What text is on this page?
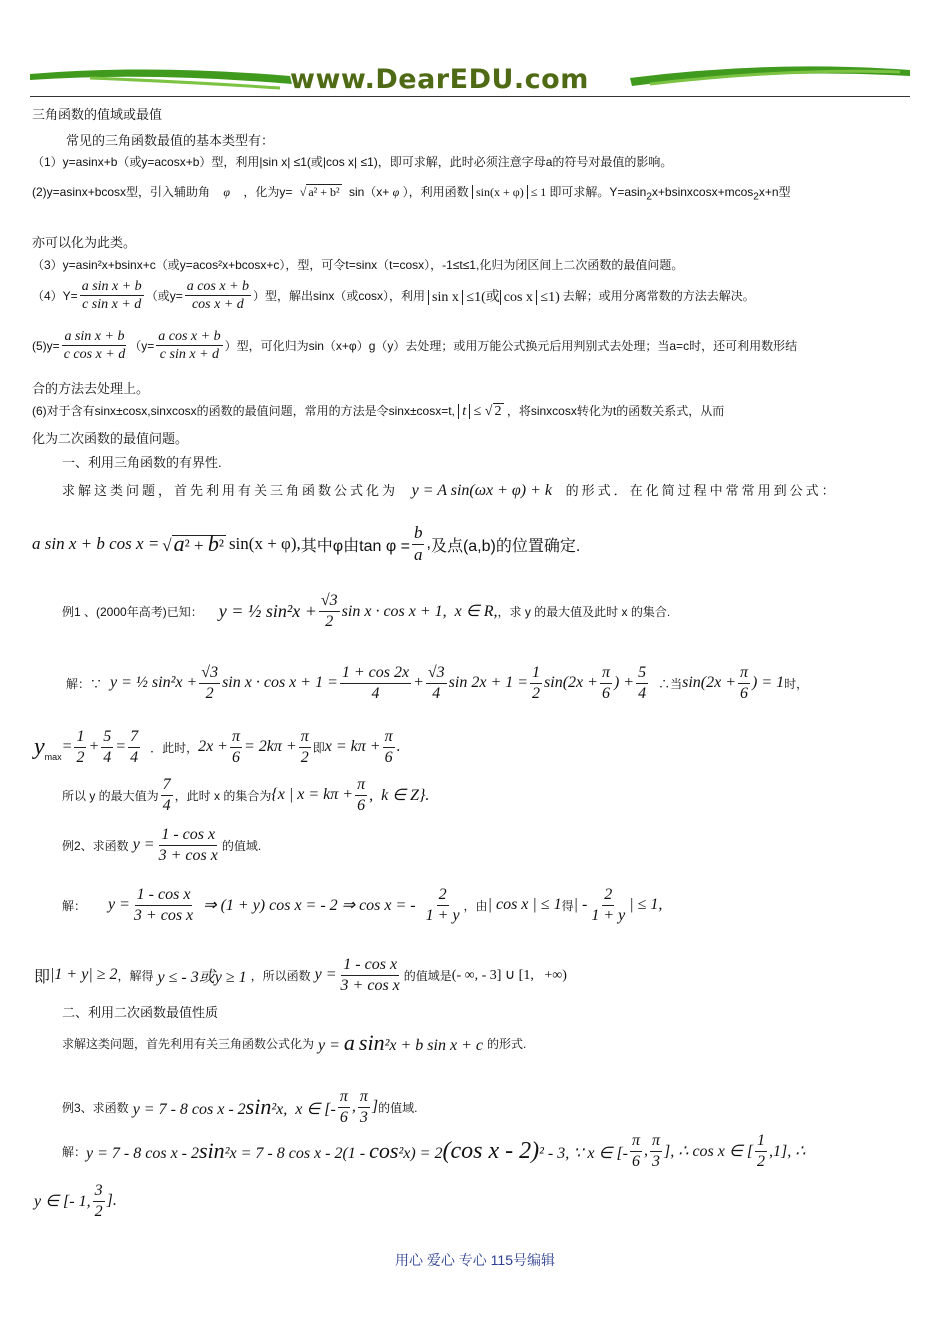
www.DearEDU.com
三角函数的值域或最值
常见的三角函数最值的基本类型有：
（1）y=asinx+b（或y=acosx+b）型，利用|sin x| ≤1(或|cos x| ≤1)，即可求解，此时必须注意字母a的符号对最值的影响。
(2)y=asinx+bcosx型，引入辅助角 φ ，化为y= √ a² + b² sin（x+ φ ），利用函数 sin(x + φ) ≤ 1 即可求解。Y=asin$_2$x+bsinxcosx+mcos$_2$x+n型
亦可以化为此类。
（3）y=asin²x+bsinx+c（或y=acos²x+bcosx+c），型，可令t=sinx（t=cosx），-1≤t≤1,化归为闭区间上二次函数的最值问题。
$(4)Y= \frac{\text{a sin x + b}}{\text{c sin x + d}}$ （或$y= \frac{\text{a cos x + b}}{\text{cos x + d}}$ ）型，解出sinx（或cosx），利用 sin x ≤1(或 cos x ≤1) 去解；或用分离常数的方法去解决。
$(5)y= \frac{\text{a sin x + b}}{\text{c cos x + d}} (y= \frac{\text{a cos x + b}}{\text{c sin x + d}}$ ）型，可化归为sin（x+φ）g（y）去处理；或用万能公式换元后用判别式去处理；当a=c时，还可利用数形结
合的方法去处理上。
(6)对于含有sinx±cosx,sinxcosx的函数的最值问题，常用的方法是令sinx±cosx=t, t ≤ √ 2 ，将sinxcosx转化为t的函数关系式，从而
化为二次函数的最值问题。
一、利用三角函数的有界性.
求解这类问题，首先利用有关三角函数公式化为 y = A sin(ωx + φ) + k 的形式．在化简过程中常常用到公式：
a sin x + b cos x = √a² + b² sin(x + φ), 其中φ由$\tan \varphi = \frac{b}{a}$ , 及点(a,b)的位置确定.
例1 、(2000年高考)已知： y = ½ $\sin^2x + \frac{√3}{2}$ sin x · cos x + 1,  x ∈ R, ，求 y 的最大值及此时 x 的集合.
解：∵ y = ½ $\sin^2x + \frac{√3}{2}$ $\sin x \cdot \cos x + 1 = \frac{1 + \cos 2x}{4} + \frac{√3}{4}$ $\sin 2x + 1 = \frac{1}{2} \sin(2x + \frac{\pi}{6}$ ) + $\frac{5}{4}$ ∴当 $\sin(2x + \frac{\pi}{6}$ ) = 1 时，
$y_{max}$
= $\frac{1}{2} + \frac{5}{4} = \frac{7}{4}$ ．此时， $2x + \frac{\pi}{6} = 2k\pi + \frac{\pi}{2}$ 即 $x = k\pi + \frac{\pi}{6}$ .
所以 y 的最大值为 $\frac{7}{4}$ ，此时 x 的集合为 {x | $x = k\pi + \frac{\pi}{6}$ ,  k ∈ Z}.
例2、求函数 $y = \frac{\text{1 - cos x}}{\text{3 + cos x}}$ 的值域.
解： $y = \frac{\text{1 - cos x}}{\text{3 + cos x}}$ ⇒ (1 + y) cos x = - 2 ⇒ cos x = - $\frac{2}{1 + y}$ ，由 | cos x | ≤ 1 得 | - $\frac{2}{1 + y}$ | ≤ 1,
即 |1 + y| ≥ 2 ，解得 y ≤ - 3或y ≥ 1 ，所以函数 $y = \frac{\text{1 - cos x}}{\text{3 + cos x}}$ 的值域是 (- ∞, - 3] ∪ [1,   +∞)
二、利用二次函数最值性质
求解这类问题，首先利用有关三角函数公式化为 y = a sin²x + b sin x + c 的形式.
例3、求函数 y = 7 - 8 cos x - 2sin²x,  x ∈ [- $\frac{\pi}{6}$ , $\frac{\pi}{3}$ ] 的值域.
解： y = 7 - 8 cos x - 2sin²x = 7 - 8 cos x - 2(1 - cos²x) = 2(cos x - 2)² - 3, ∵ x ∈ [- $\frac{\pi}{6}$ , $\frac{\pi}{3}$ ], ∴ cos x ∈ [ $\frac{1}{2} ,1$], ∴
y ∈ [- 1, $\frac{3}{2}$ ].
用心 爱心 专心 115号编辑
